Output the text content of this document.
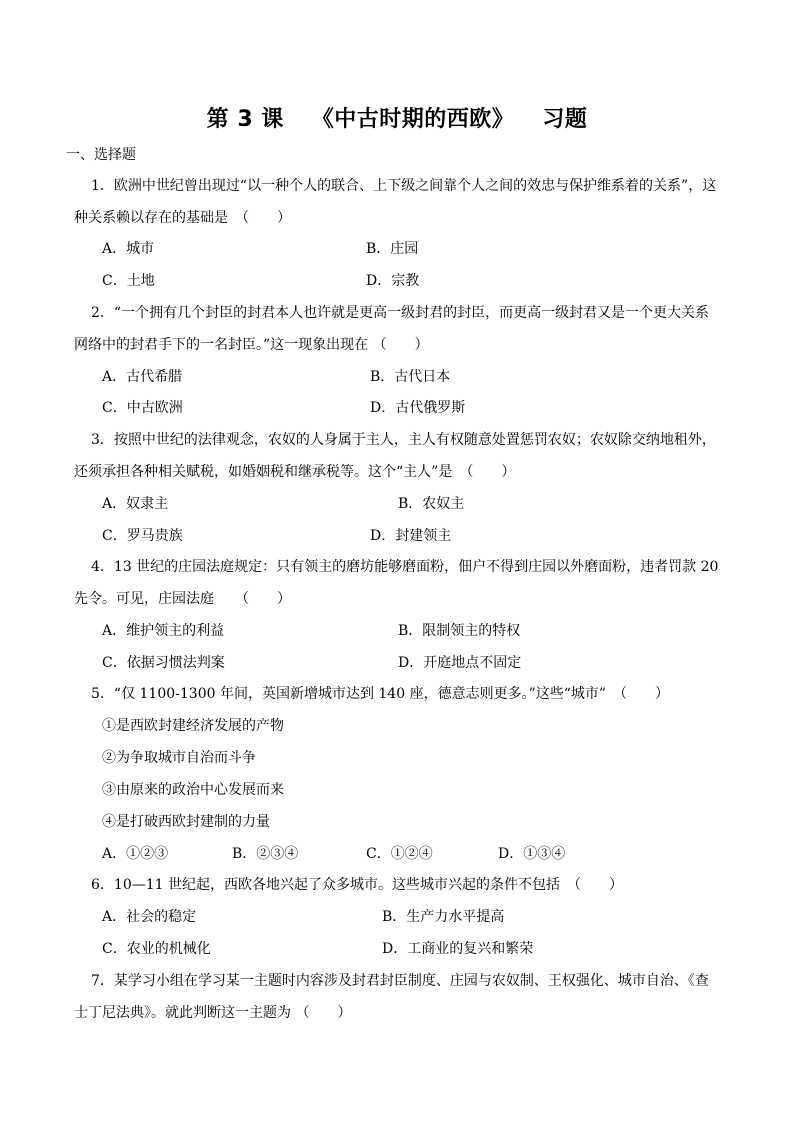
第 3 课 《中古时期的西欧》 习题
一、选择题
1．欧洲中世纪曾出现过“以一种个人的联合、上下级之间靠个人之间的效忠与保护维系着的关系”，这
种关系赖以存在的基础是　（　　）
A．城市	B．庄园
C．土地	D．宗教
2．“一个拥有几个封臣的封君本人也许就是更高一级封君的封臣，而更高一级封君又是一个更大关系
网络中的封君手下的一名封臣。”这一现象出现在 （　　）
A．古代希腊	B．古代日本
C．中古欧洲	D．古代俄罗斯
3．按照中世纪的法律观念，农奴的人身属于主人，主人有权随意处置惩罚农奴；农奴除交纳地租外，
还须承担各种相关赋税，如婚姻税和继承税等。这个“主人”是　（　　）
A．奴隶主	B．农奴主
C．罗马贵族	D．封建领主
4．13 世纪的庄园法庭规定：只有领主的磨坊能够磨面粉，佃户不得到庄园以外磨面粉，违者罚款 20
先令。可见，庄园法庭　　（　　）
A．维护领主的利益	B．限制领主的特权
C．依据习惯法判案	D．开庭地点不固定
5．“仅 1100-1300 年间，英国新增城市达到 140 座，德意志则更多。”这些“城市”　（　　）
①是西欧封建经济发展的产物
②为争取城市自治而斗争
③由原来的政治中心发展而来
④是打破西欧封建制的力量
A．①②③	B．②③④	C．①②④	D．①③④
6．10—11 世纪起，西欧各地兴起了众多城市。这些城市兴起的条件不包括　（　　）
A．社会的稳定	B．生产力水平提高
C．农业的机械化	D．工商业的复兴和繁荣
7．某学习小组在学习某一主题时内容涉及封君封臣制度、庄园与农奴制、王权强化、城市自治、《查
士丁尼法典》。就此判断这一主题为 （　　）
